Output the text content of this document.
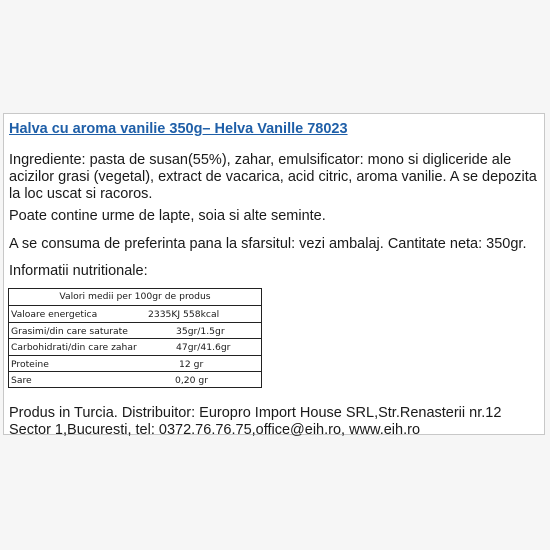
Halva cu aroma vanilie 350g– Helva Vanille 78023
Ingrediente: pasta de susan(55%), zahar, emulsificator: mono si digliceride ale acizilor grasi (vegetal), extract de vacarica, acid citric, aroma vanilie. A se depozita la loc uscat si racoros.
Poate contine urme de lapte, soia si alte seminte.
A se consuma de preferinta pana la sfarsitul: vezi ambalaj. Cantitate neta: 350gr.
Informatii nutritionale:
Valori medii per 100gr de produs
Valoare energetica	2335KJ 558kcal
Grasimi/din care saturate	35gr/1.5gr
Carbohidrati/din care zahar	47gr/41.6gr
Proteine	12 gr
Sare	0,20 gr
Produs in Turcia. Distribuitor: Europro Import House SRL,Str.Renasterii nr.12 Sector 1,Bucuresti, tel: 0372.76.76.75,office@eih.ro, www.eih.ro
